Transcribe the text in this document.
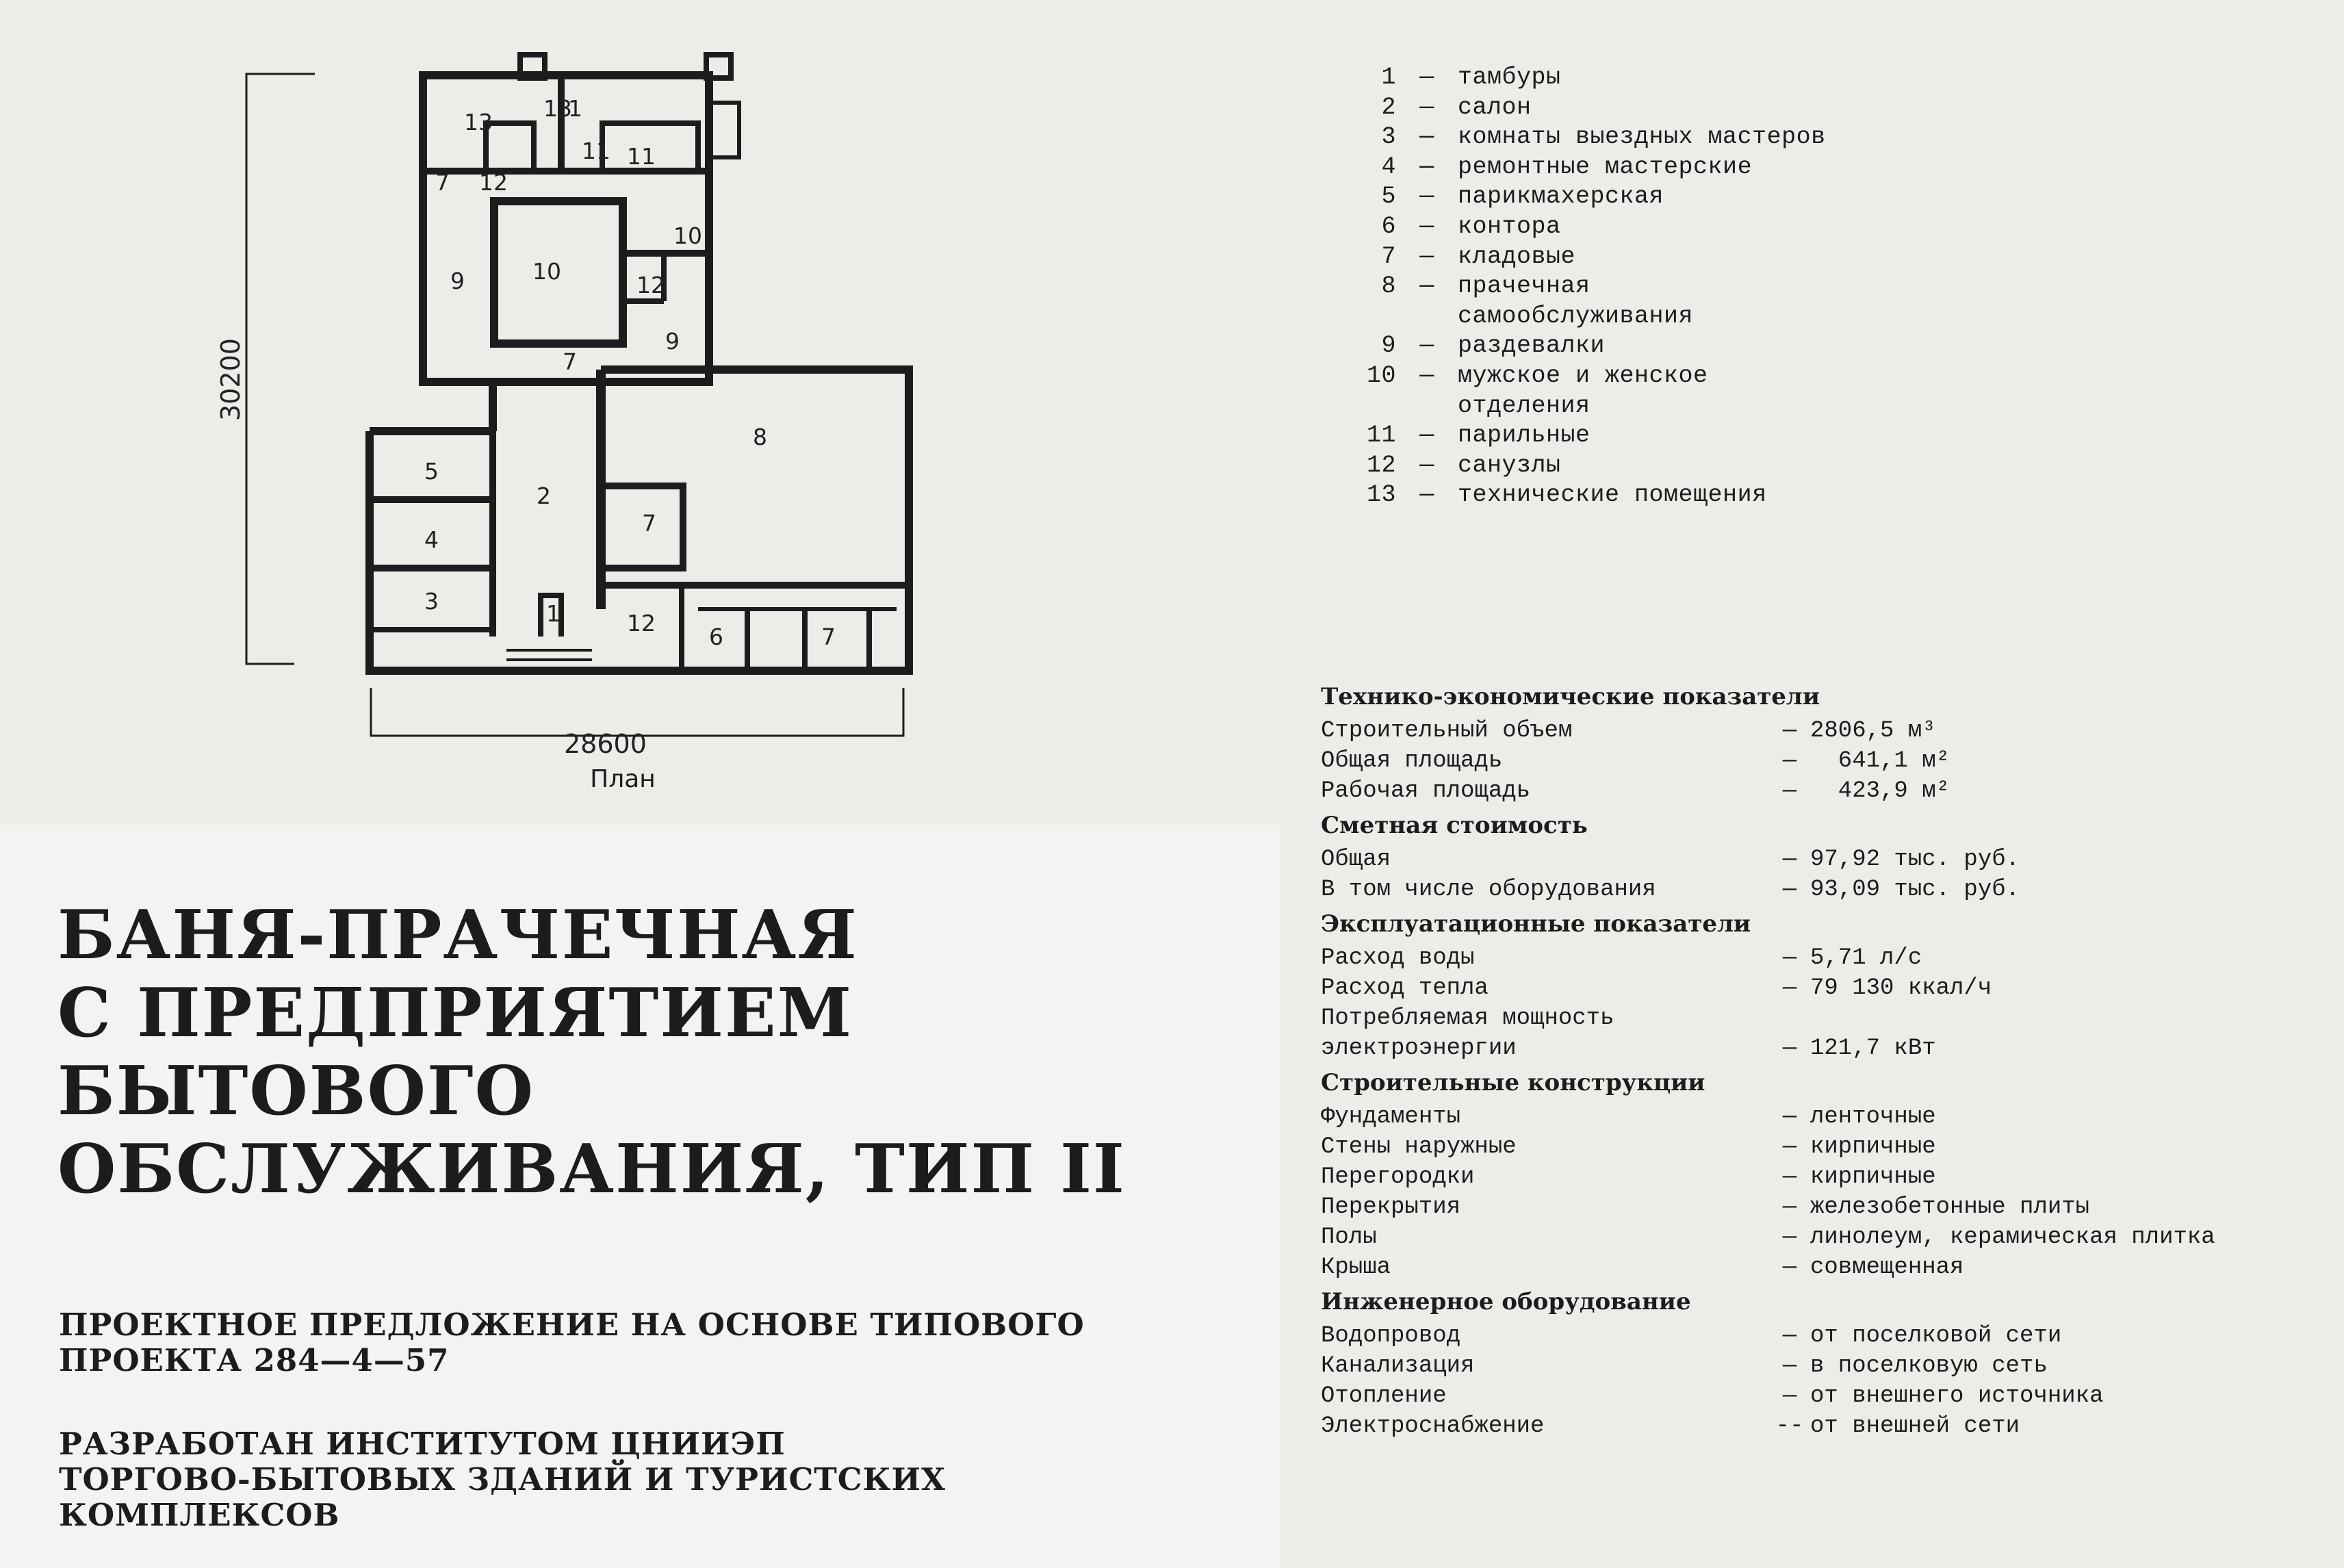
13
13
1
11 11
7 12
10
10
9	12
7
9
8
5
2
4
7
3	1	12
6	7
28600
30200
План
1 — тамбуры
2 — салон
3 — комнаты выездных мастеров
4 — ремонтные мастерские
5 — парикмахерская
6 — контора
7 — кладовые
8 — прачечная
самообслуживания
9 — раздевалки
10 — мужское и женское
отделения
11 — парильные
12 — санузлы
13 — технические помещения
БАНЯ-ПРАЧЕЧНАЯ
С ПРЕДПРИЯТИЕМ
БЫТОВОГО
ОБСЛУЖИВАНИЯ, ТИП II
ПРОЕКТНОЕ ПРЕДЛОЖЕНИЕ НА ОСНОВЕ ТИПОВОГО
ПРОЕКТА 284—4—57
РАЗРАБОТАН ИНСТИТУТОМ ЦНИИЭП
ТОРГОВО-БЫТОВЫХ ЗДАНИЙ И ТУРИСТСКИХ
КОМПЛЕКСОВ
Технико-экономические показатели
Строительный объем	— 2806,5 м³
Общая площадь	— 641,1 м²
Рабочая площадь	— 423,9 м²
Сметная стоимость
Общая	— 97,92 тыс. руб.
В том числе оборудования	— 93,09 тыс. руб.
Эксплуатационные показатели
Расход воды	— 5,71 л/с
Расход тепла	— 79 130 ккал/ч
Потребляемая мощность
электроэнергии	— 121,7 кВт
Строительные конструкции
Фундаменты	— ленточные
Стены наружные	— кирпичные
Перегородки	— кирпичные
Перекрытия	— железобетонные плиты
Полы	— линолеум, керамическая плитка
Крыша	— совмещенная
Инженерное оборудование
Водопровод	— от поселковой сети
Канализация	— в поселковую сеть
Отопление	— от внешнего источника
Электроснабжение	-- от внешней сети
